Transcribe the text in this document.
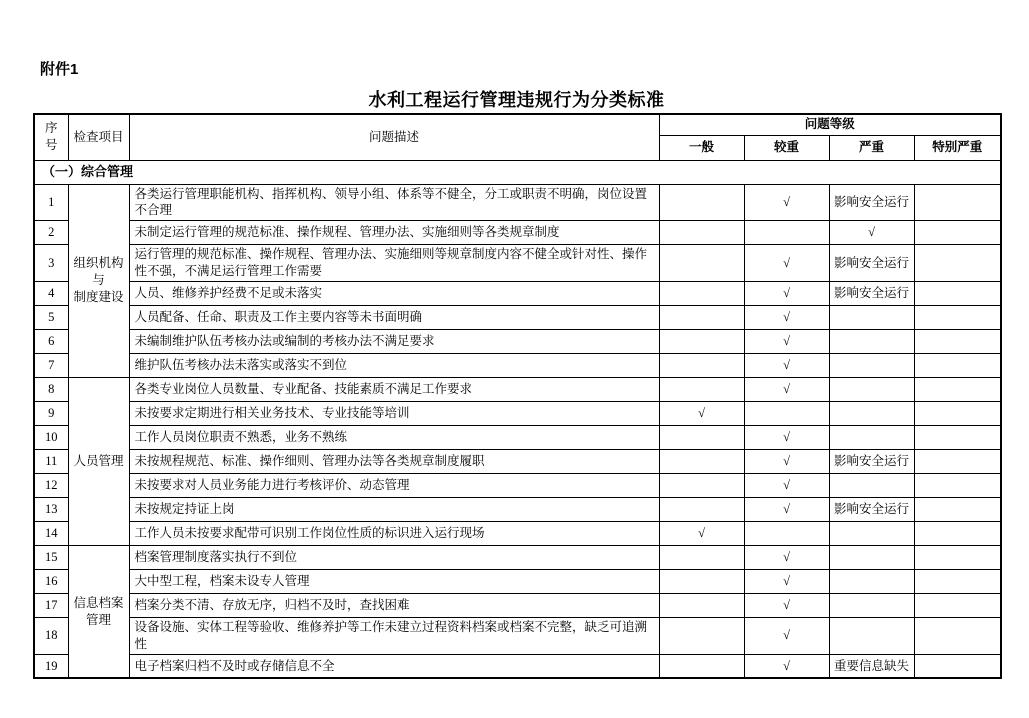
附件1
水利工程运行管理违规行为分类标准
序号	检查项目	问题描述	问题等级			
			一般	较重	严重	特别严重
（一）综合管理						
1	组织机构与
制度建设	各类运行管理职能机构、指挥机构、领导小组、体系等不健全，分工或职责不明确，岗位设置不合理		√	影响安全运行	
2		未制定运行管理的规范标准、操作规程、管理办法、实施细则等各类规章制度			√	
3		运行管理的规范标准、操作规程、管理办法、实施细则等规章制度内容不健全或针对性、操作性不强，不满足运行管理工作需要		√	影响安全运行	
4		人员、维修养护经费不足或未落实		√	影响安全运行	
5		人员配备、任命、职责及工作主要内容等未书面明确		√		
6		未编制维护队伍考核办法或编制的考核办法不满足要求		√		
7		维护队伍考核办法未落实或落实不到位		√		
8	人员管理	各类专业岗位人员数量、专业配备、技能素质不满足工作要求		√		
9		未按要求定期进行相关业务技术、专业技能等培训	√			
10		工作人员岗位职责不熟悉，业务不熟练		√		
11		未按规程规范、标准、操作细则、管理办法等各类规章制度履职		√	影响安全运行	
12		未按要求对人员业务能力进行考核评价、动态管理		√		
13		未按规定持证上岗		√	影响安全运行	
14		工作人员未按要求配带可识别工作岗位性质的标识进入运行现场	√			
15	信息档案
管理	档案管理制度落实执行不到位		√		
16		大中型工程，档案未设专人管理		√		
17		档案分类不清、存放无序，归档不及时，查找困难		√		
18		设备设施、实体工程等验收、维修养护等工作未建立过程资料档案或档案不完整，缺乏可追溯性		√		
19		电子档案归档不及时或存储信息不全		√	重要信息缺失	
